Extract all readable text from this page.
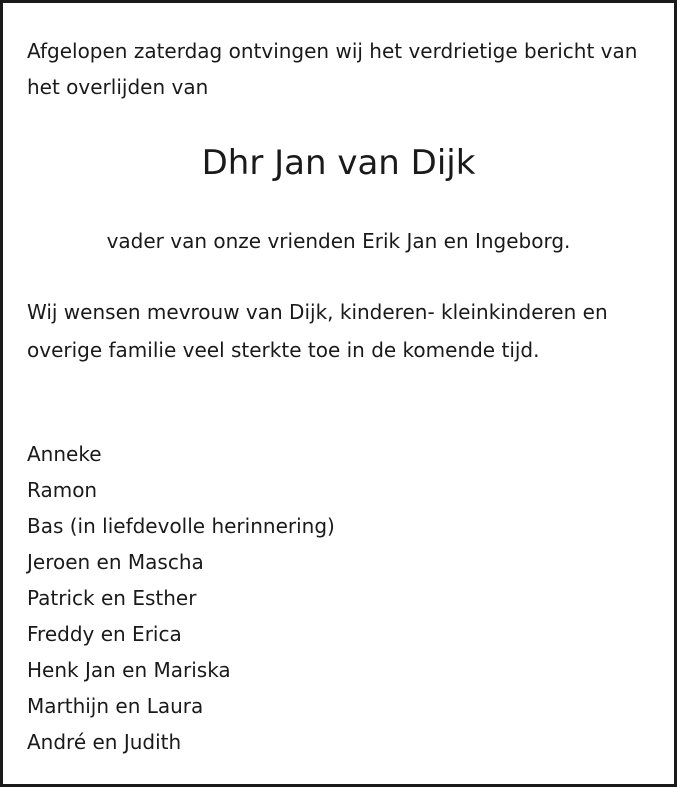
Afgelopen zaterdag ontvingen wij het verdrietige bericht van het overlijden van

Dhr Jan van Dijk

vader van onze vrienden Erik Jan en Ingeborg.

Wij wensen mevrouw van Dijk, kinderen- kleinkinderen en overige familie veel sterkte toe in de komende tijd.

Anneke
Ramon
Bas (in liefdevolle herinnering)
Jeroen en Mascha
Patrick en Esther
Freddy en Erica
Henk Jan en Mariska
Marthijn en Laura
André en Judith
